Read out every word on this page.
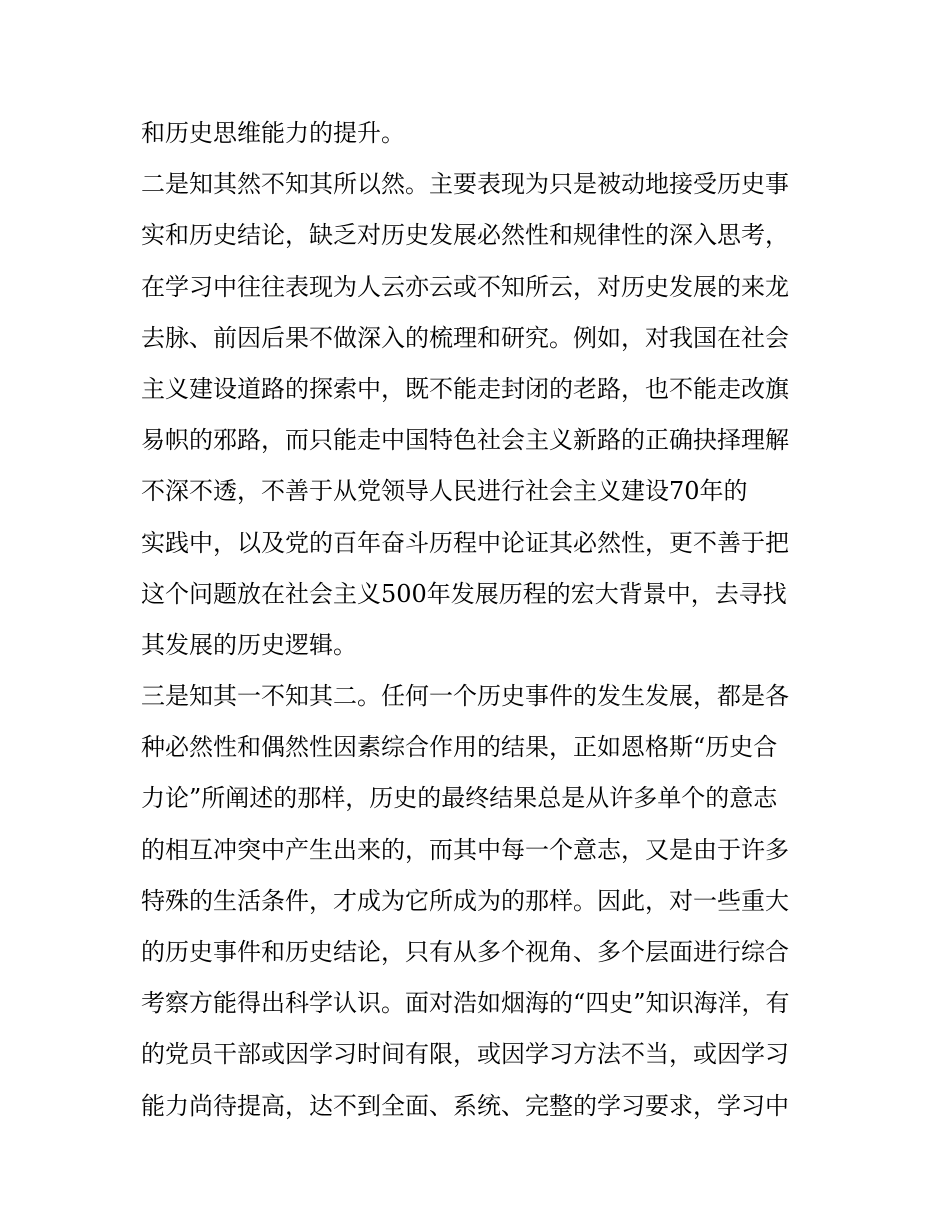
和历史思维能力的提升。
二是知其然不知其所以然。主要表现为只是被动地接受历史事
实和历史结论，缺乏对历史发展必然性和规律性的深入思考，
在学习中往往表现为人云亦云或不知所云，对历史发展的来龙
去脉、前因后果不做深入的梳理和研究。例如，对我国在社会
主义建设道路的探索中，既不能走封闭的老路，也不能走改旗
易帜的邪路，而只能走中国特色社会主义新路的正确抉择理解
不深不透，不善于从党领导人民进行社会主义建设70年的
实践中，以及党的百年奋斗历程中论证其必然性，更不善于把
这个问题放在社会主义500年发展历程的宏大背景中，去寻找
其发展的历史逻辑。
三是知其一不知其二。任何一个历史事件的发生发展，都是各
种必然性和偶然性因素综合作用的结果，正如恩格斯“历史合
力论”所阐述的那样，历史的最终结果总是从许多单个的意志
的相互冲突中产生出来的，而其中每一个意志，又是由于许多
特殊的生活条件，才成为它所成为的那样。因此，对一些重大
的历史事件和历史结论，只有从多个视角、多个层面进行综合
考察方能得出科学认识。面对浩如烟海的“四史”知识海洋，有
的党员干部或因学习时间有限，或因学习方法不当，或因学习
能力尚待提高，达不到全面、系统、完整的学习要求，学习中
